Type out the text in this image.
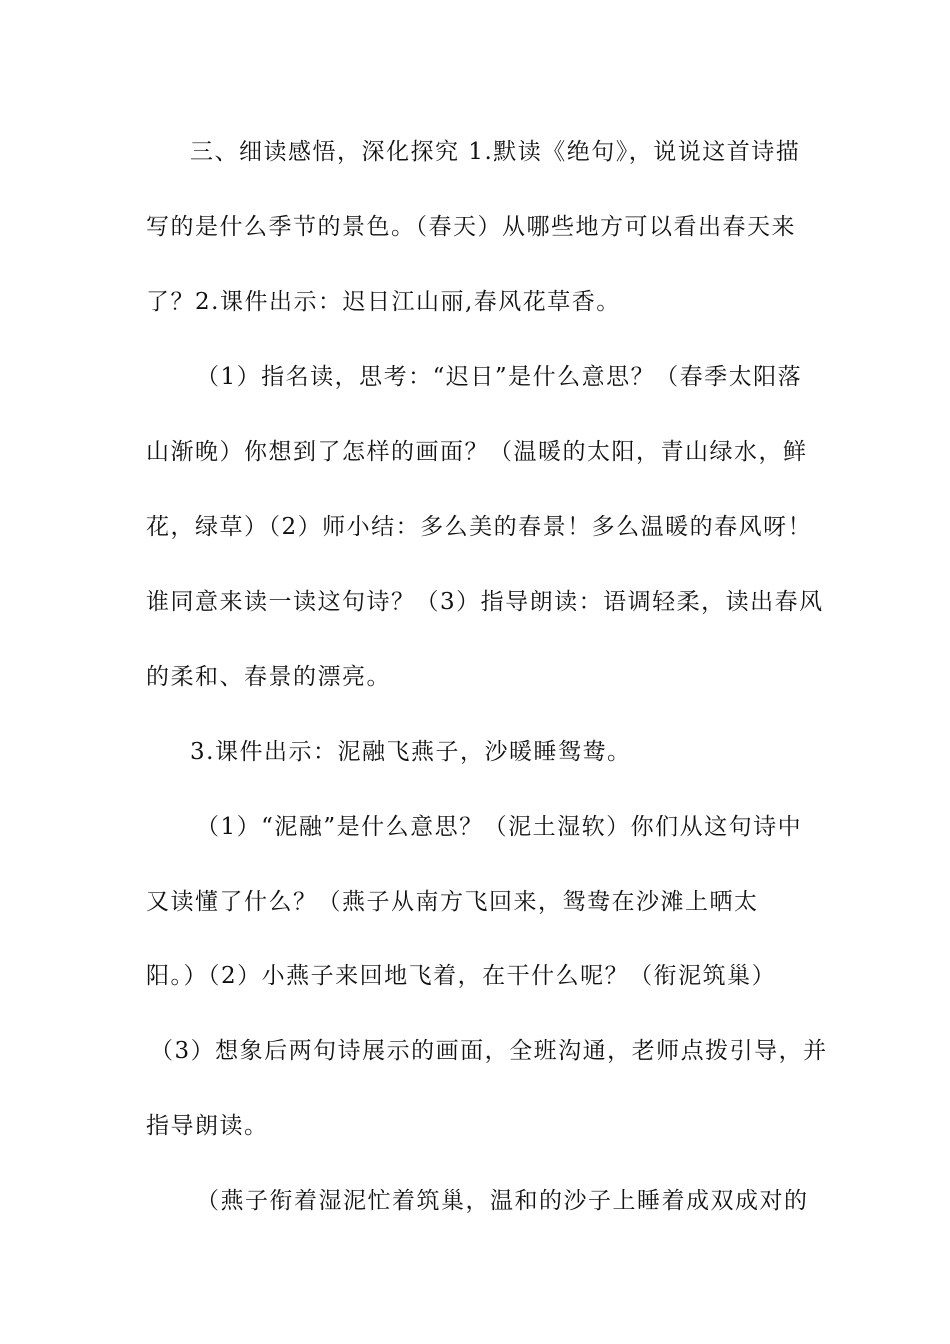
三、细读感悟，深化探究 1.默读《绝句》，说说这首诗描
写的是什么季节的景色。（春天）从哪些地方可以看出春天来
了？2.课件出示：迟日江山丽,春风花草香。
（1）指名读，思考：“迟日”是什么意思？（春季太阳落
山渐晚）你想到了怎样的画面？（温暖的太阳，青山绿水，鲜
花，绿草）（2）师小结：多么美的春景！多么温暖的春风呀！
谁同意来读一读这句诗？（3）指导朗读：语调轻柔，读出春风
的柔和、春景的漂亮。
3.课件出示：泥融飞燕子，沙暖睡鸳鸯。
（1）“泥融”是什么意思？（泥土湿软）你们从这句诗中
又读懂了什么？（燕子从南方飞回来，鸳鸯在沙滩上晒太
阳。）（2）小燕子来回地飞着，在干什么呢？（衔泥筑巢）
（3）想象后两句诗展示的画面，全班沟通，老师点拨引导，并
指导朗读。
（燕子衔着湿泥忙着筑巢，温和的沙子上睡着成双成对的
